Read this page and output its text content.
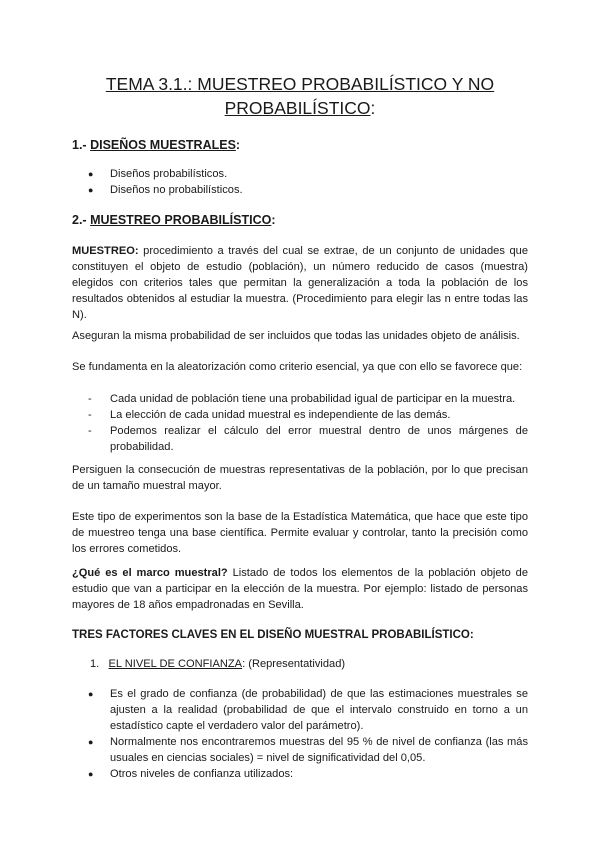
TEMA 3.1.: MUESTREO PROBABILÍSTICO Y NO
PROBABILÍSTICO:
1.- DISEÑOS MUESTRALES:
● Diseños probabilísticos.
● Diseños no probabilísticos.
2.- MUESTREO PROBABILÍSTICO:

MUESTREO: procedimiento a través del cual se extrae, de un conjunto de unidades que constituyen el objeto de estudio (población), un número reducido de casos (muestra) elegidos con criterios tales que permitan la generalización a toda la población de los resultados obtenidos al estudiar la muestra. (Procedimiento para elegir las n entre todas las N).

Aseguran la misma probabilidad de ser incluidos que todas las unidades objeto de análisis.

Se fundamenta en la aleatorización como criterio esencial, ya que con ello se favorece que:

- Cada unidad de población tiene una probabilidad igual de participar en la muestra.
- La elección de cada unidad muestral es independiente de las demás.
- Podemos realizar el cálculo del error muestral dentro de unos márgenes de probabilidad.

Persiguen la consecución de muestras representativas de la población, por lo que precisan de un tamaño muestral mayor.

Este tipo de experimentos son la base de la Estadística Matemática, que hace que este tipo de muestreo tenga una base científica. Permite evaluar y controlar, tanto la precisión como los errores cometidos.

¿Qué es el marco muestral? Listado de todos los elementos de la población objeto de estudio que van a participar en la elección de la muestra. Por ejemplo: listado de personas mayores de 18 años empadronadas en Sevilla.

TRES FACTORES CLAVES EN EL DISEÑO MUESTRAL PROBABILÍSTICO:
1. EL NIVEL DE CONFIANZA: (Representatividad)
● Es el grado de confianza (de probabilidad) de que las estimaciones muestrales se ajusten a la realidad (probabilidad de que el intervalo construido en torno a un estadístico capte el verdadero valor del parámetro).
● Normalmente nos encontraremos muestras del 95 % de nivel de confianza (las más usuales en ciencias sociales) = nivel de significatividad del 0,05.
● Otros niveles de confianza utilizados:
